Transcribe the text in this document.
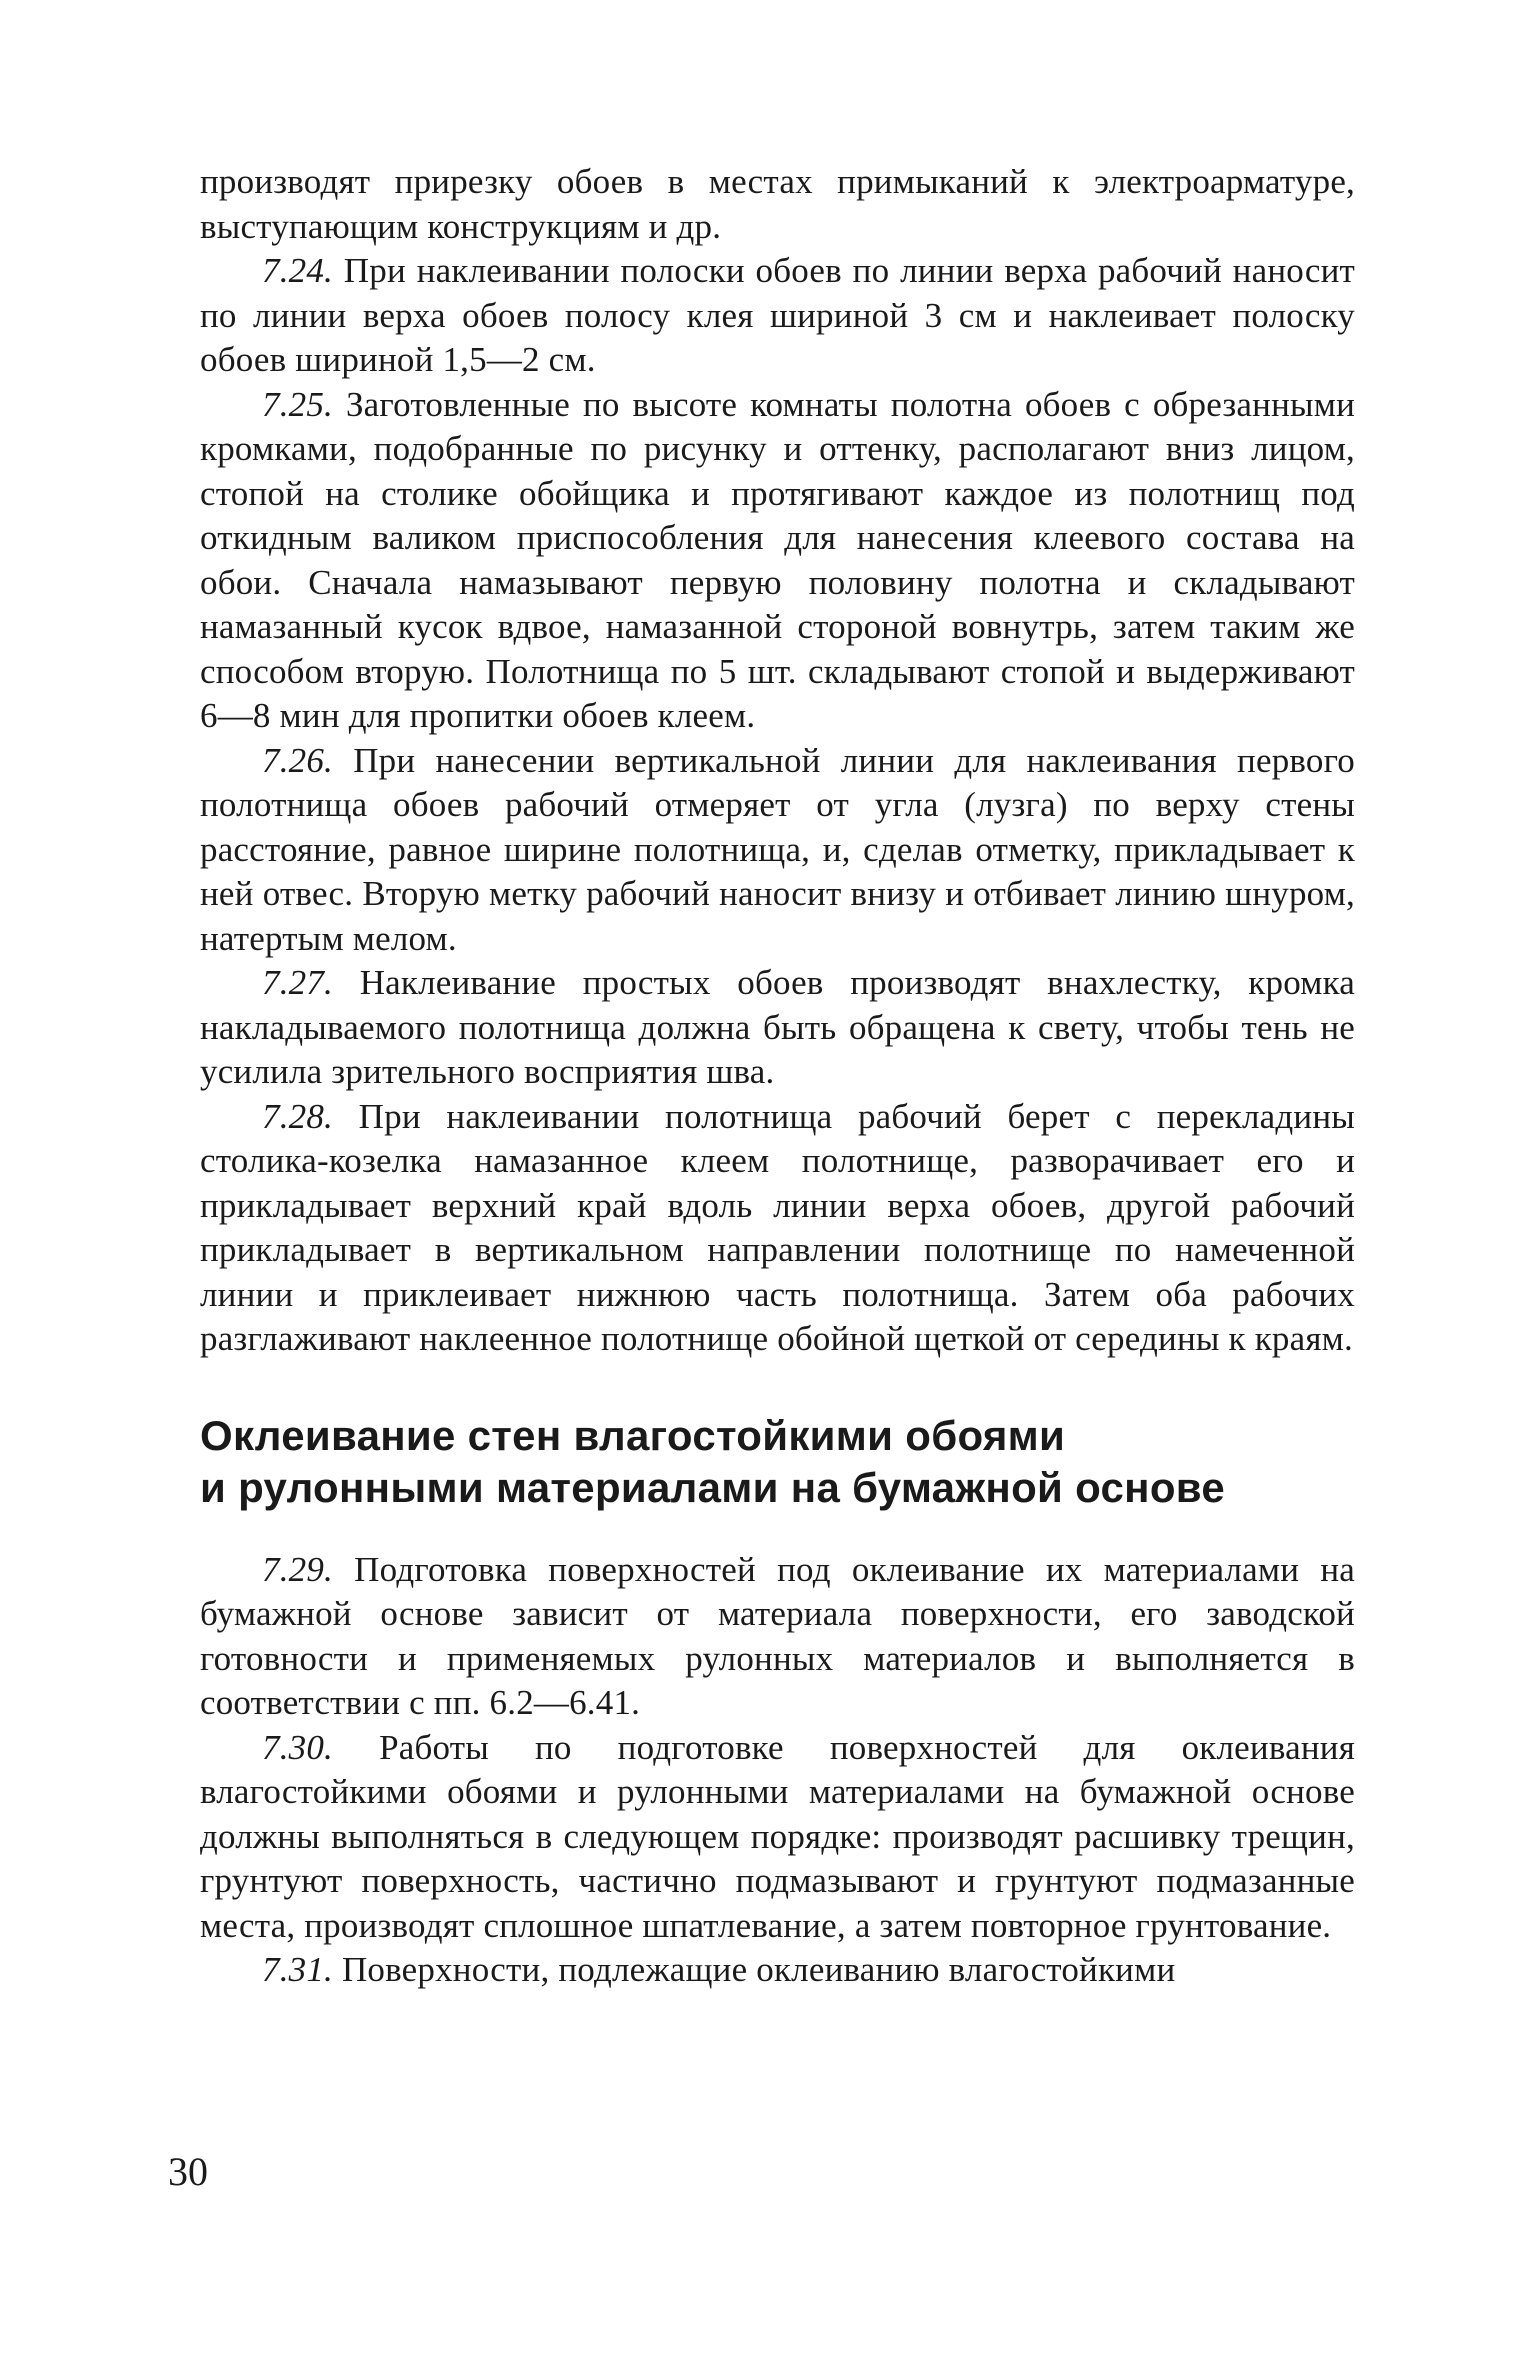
производят прирезку обоев в местах примыканий к электроарматуре, выступающим конструкциям и др.

7.24. При наклеивании полоски обоев по линии верха рабочий наносит по линии верха обоев полосу клея шириной 3 см и наклеивает полоску обоев шириной 1,5—2 см.

7.25. Заготовленные по высоте комнаты полотна обоев с обрезанными кромками, подобранные по рисунку и оттенку, располагают вниз лицом, стопой на столике обойщика и протягивают каждое из полотнищ под откидным валиком приспособления для нанесения клеевого состава на обои. Сначала намазывают первую половину полотна и складывают намазанный кусок вдвое, намазанной стороной вовнутрь, затем таким же способом вторую. Полотнища по 5 шт. складывают стопой и выдерживают 6—8 мин для пропитки обоев клеем.

7.26. При нанесении вертикальной линии для наклеивания первого полотнища обоев рабочий отмеряет от угла (лузга) по верху стены расстояние, равное ширине полотнища, и, сделав отметку, прикладывает к ней отвес. Вторую метку рабочий наносит внизу и отбивает линию шнуром, натертым мелом.

7.27. Наклеивание простых обоев производят внахлестку, кромка накладываемого полотнища должна быть обращена к свету, чтобы тень не усилила зрительного восприятия шва.

7.28. При наклеивании полотнища рабочий берет с перекладины столика-козелка намазанное клеем полотнище, разворачивает его и прикладывает верхний край вдоль линии верха обоев, другой рабочий прикладывает в вертикальном направлении полотнище по намеченной линии и приклеивает нижнюю часть полотнища. Затем оба рабочих разглаживают наклеенное полотнище обойной щеткой от середины к краям.

Оклеивание стен влагостойкими обоями
и рулонными материалами на бумажной основе

7.29. Подготовка поверхностей под оклеивание их материалами на бумажной основе зависит от материала поверхности, его заводской готовности и применяемых рулонных материалов и выполняется в соответствии с пп. 6.2—6.41.

7.30. Работы по подготовке поверхностей для оклеивания влагостойкими обоями и рулонными материалами на бумажной основе должны выполняться в следующем порядке: производят расшивку трещин, грунтуют поверхность, частично подмазывают и грунтуют подмазанные места, производят сплошное шпатлевание, а затем повторное грунтование.

7.31. Поверхности, подлежащие оклеиванию влагостойкими

30
